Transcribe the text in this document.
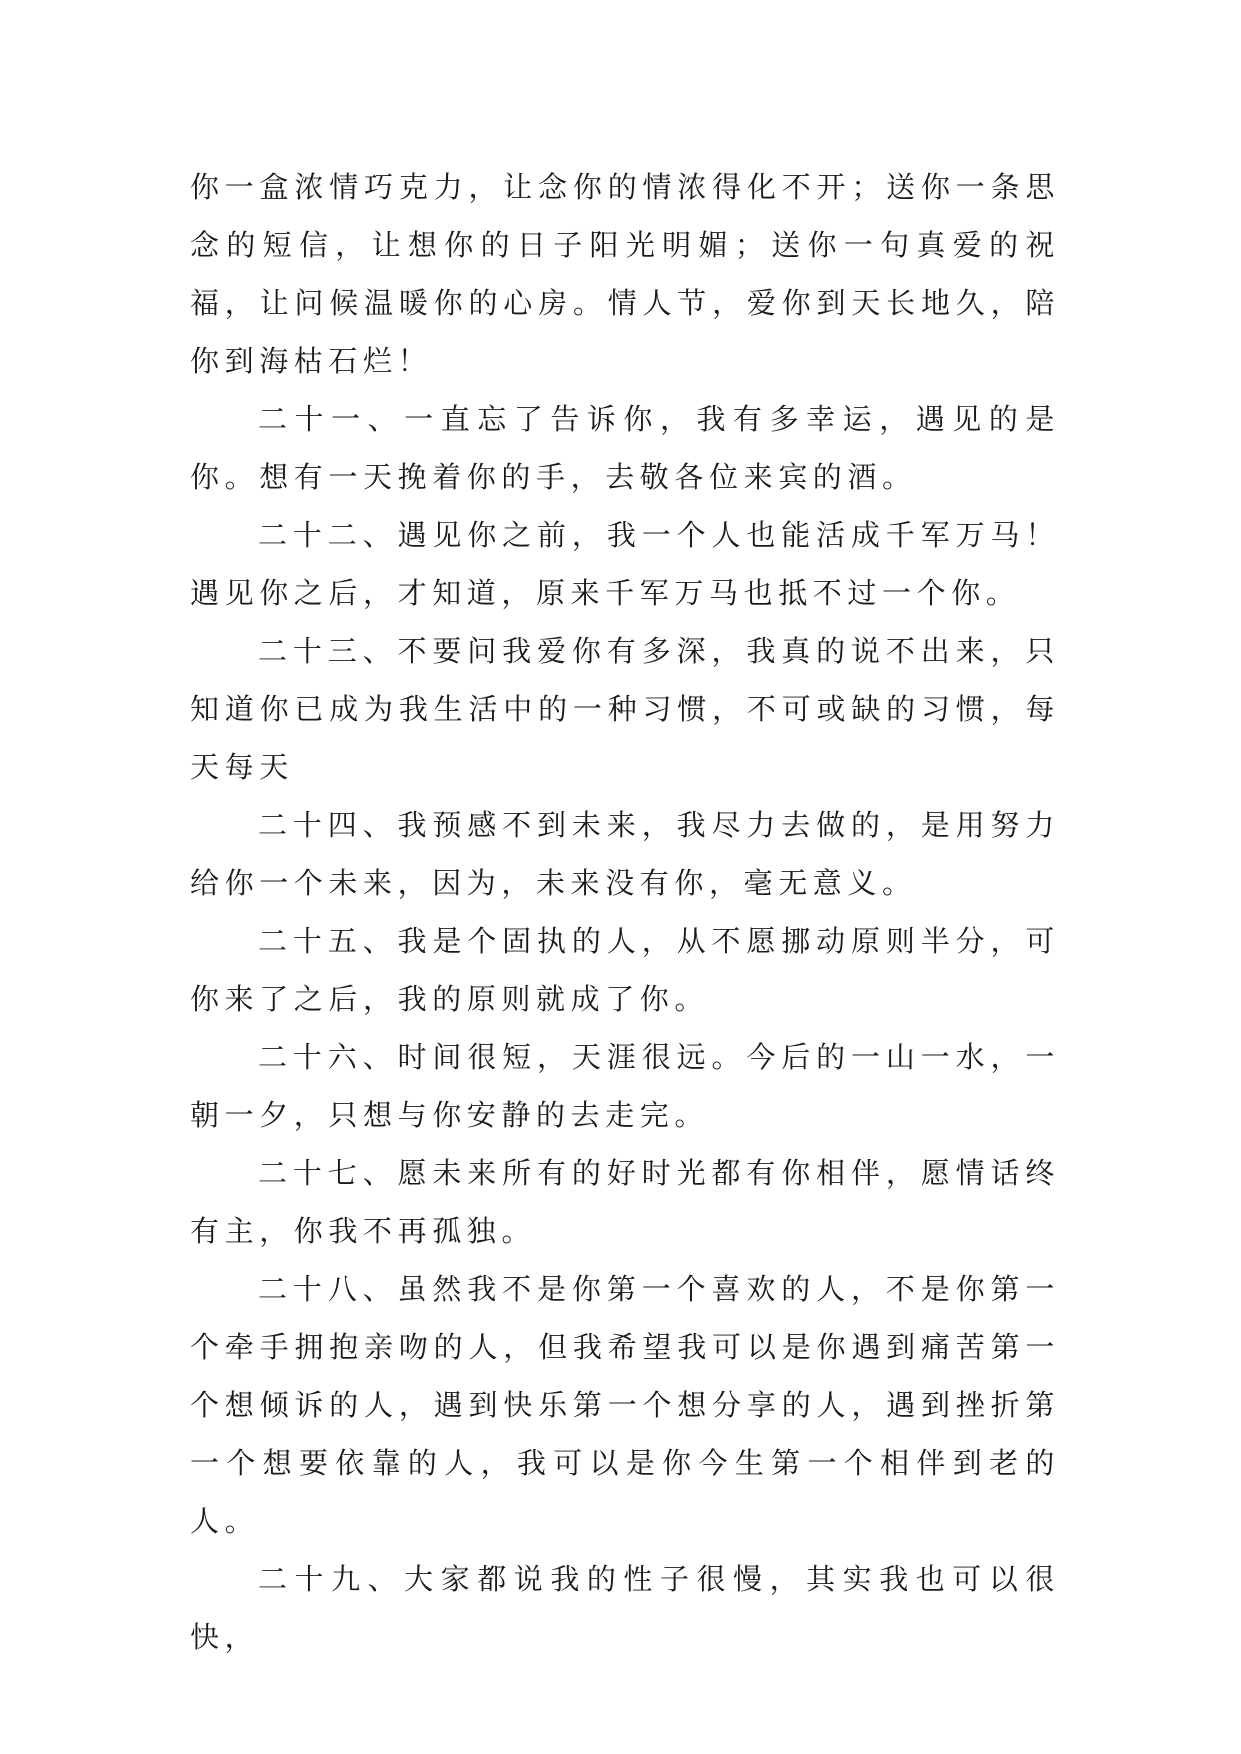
你一盒浓情巧克力，让念你的情浓得化不开；送你一条思念的短信，让想你的日子阳光明媚；送你一句真爱的祝福，让问候温暖你的心房。情人节，爱你到天长地久，陪你到海枯石烂！

二十一、一直忘了告诉你，我有多幸运，遇见的是你。想有一天挽着你的手，去敬各位来宾的酒。

二十二、遇见你之前，我一个人也能活成千军万马！遇见你之后，才知道，原来千军万马也抵不过一个你。

二十三、不要问我爱你有多深，我真的说不出来，只知道你已成为我生活中的一种习惯，不可或缺的习惯，每天每天

二十四、我预感不到未来，我尽力去做的，是用努力给你一个未来，因为，未来没有你，毫无意义。

二十五、我是个固执的人，从不愿挪动原则半分，可你来了之后，我的原则就成了你。

二十六、时间很短，天涯很远。今后的一山一水，一朝一夕，只想与你安静的去走完。

二十七、愿未来所有的好时光都有你相伴，愿情话终有主，你我不再孤独。

二十八、虽然我不是你第一个喜欢的人，不是你第一个牵手拥抱亲吻的人，但我希望我可以是你遇到痛苦第一个想倾诉的人，遇到快乐第一个想分享的人，遇到挫折第一个想要依靠的人，我可以是你今生第一个相伴到老的人。

二十九、大家都说我的性子很慢，其实我也可以很快，
